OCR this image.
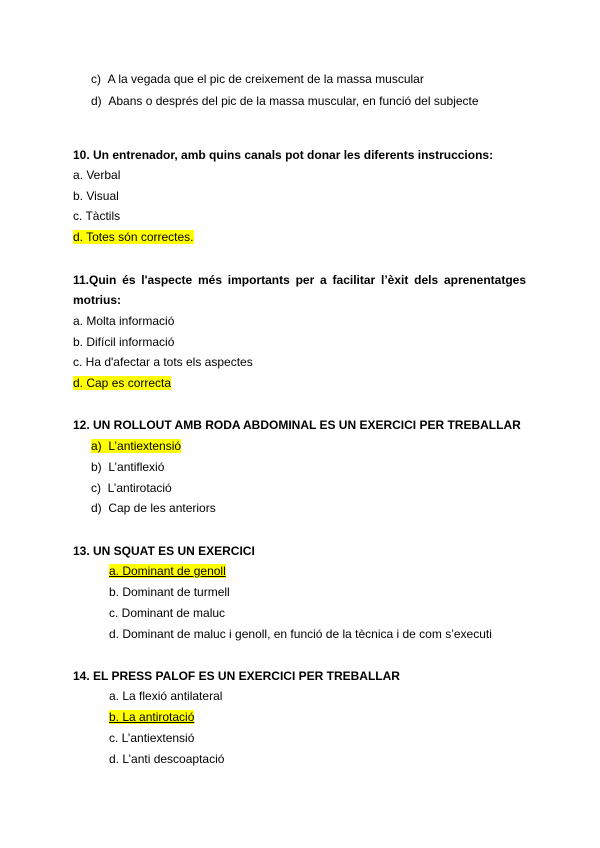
c)  A la vegada que el pic de creixement de la massa muscular
d)  Abans o després del pic de la massa muscular, en funció del subjecte
10. Un entrenador, amb quins canals pot donar les diferents instruccions:
a. Verbal
b. Visual
c. Tàctils
d. Totes són correctes.
11.Quin és l'aspecte més importants per a facilitar l’èxit dels aprenentatges
motrius:
a. Molta informació
b. Difícil informació
c. Ha d'afectar a tots els aspectes
d. Cap es correcta
12. UN ROLLOUT AMB RODA ABDOMINAL ES UN EXERCICI PER TREBALLAR
a)  L’antiextensió
b)  L’antiflexió
c)  L’antirotació
d)  Cap de les anteriors
13. UN SQUAT ES UN EXERCICI
a. Dominant de genoll
b. Dominant de turmell
c. Dominant de maluc
d. Dominant de maluc i genoll, en funció de la tècnica i de com s’executi
14. EL PRESS PALOF ES UN EXERCICI PER TREBALLAR
a. La flexió antilateral
b. La antirotació
c. L’antiextensió
d. L’anti descoaptació
